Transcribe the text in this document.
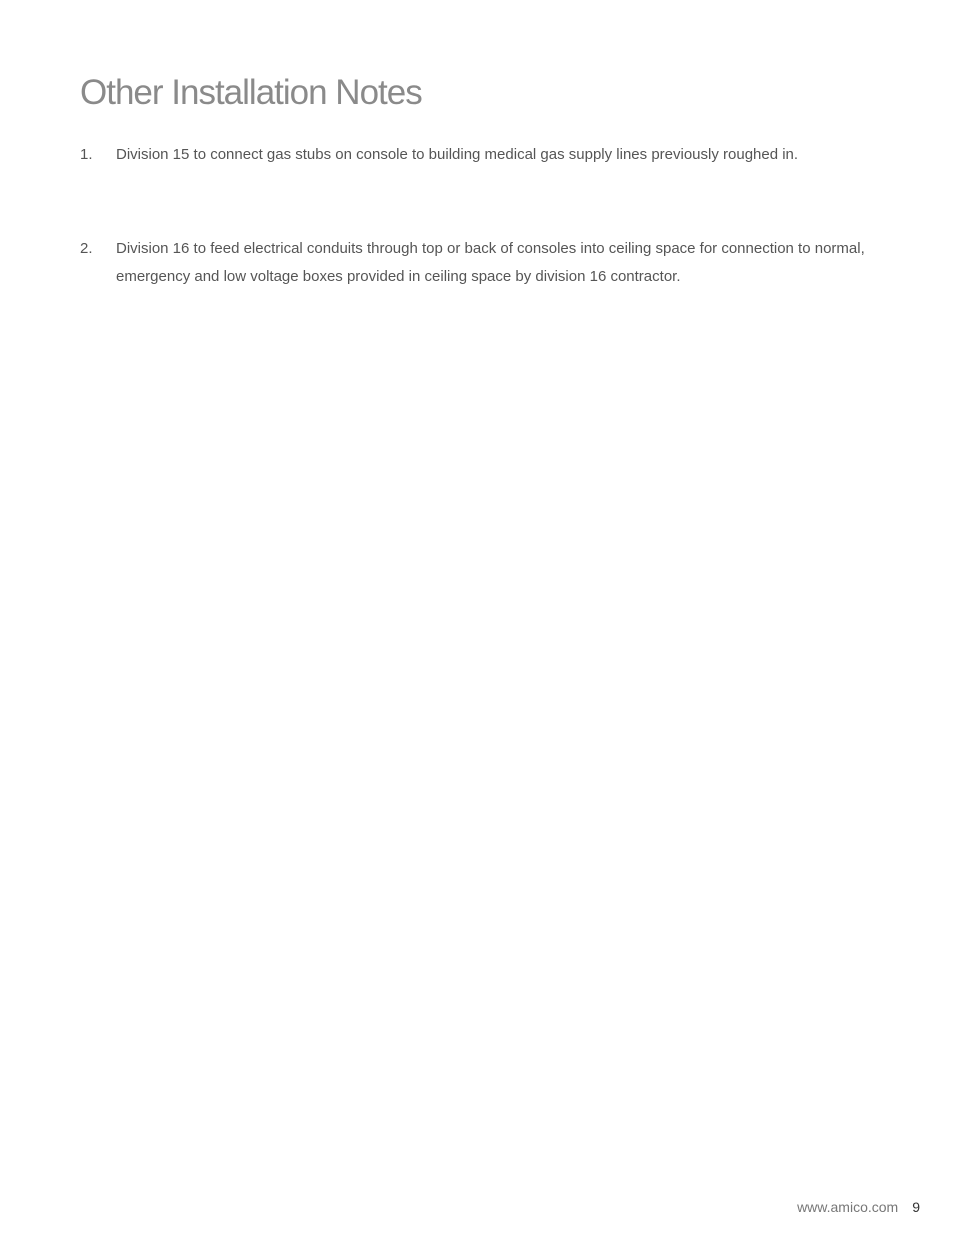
Other Installation Notes
1.	Division 15 to connect gas stubs on console to building medical gas supply lines previously roughed in.
2.	Division 16 to feed electrical conduits through top or back of consoles into ceiling space for connection to normal, emergency and low voltage boxes provided in ceiling space by division 16 contractor.
www.amico.com 9
